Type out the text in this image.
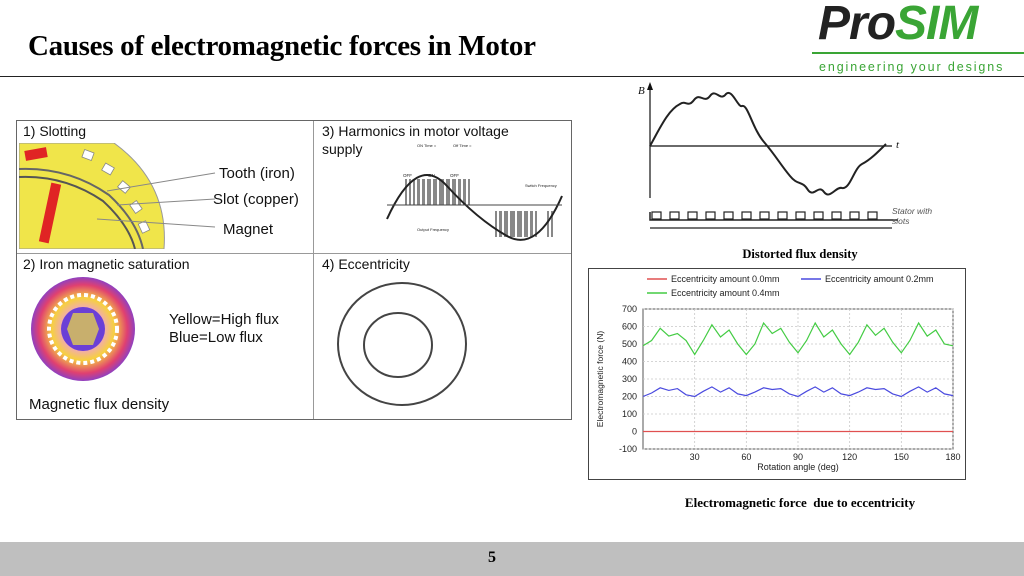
Causes of electromagnetic forces in Motor	ProSIM
engineering your designs
1) Slotting
Tooth (iron)
Slot (copper)
Magnet
3) Harmonics in motor voltage
supply	ON Time =	Off Time =
OFF	ON	OFF
Switch Frequency
Output Frequency
2) Iron magnetic saturation
Yellow=High flux
Blue=Low flux
Magnetic flux density
4) Eccentricity
B
t
Stator with
slots
Distorted flux density
-100
0
100
200
300
400
500
600
700
30	60	90	120	150	180
Rotation angle (deg)
Electromagnetic force (N)
Eccentricity amount 0.0mm	Eccentricity amount 0.2mm
Eccentricity amount 0.4mm
Electromagnetic force  due to eccentricity
5
